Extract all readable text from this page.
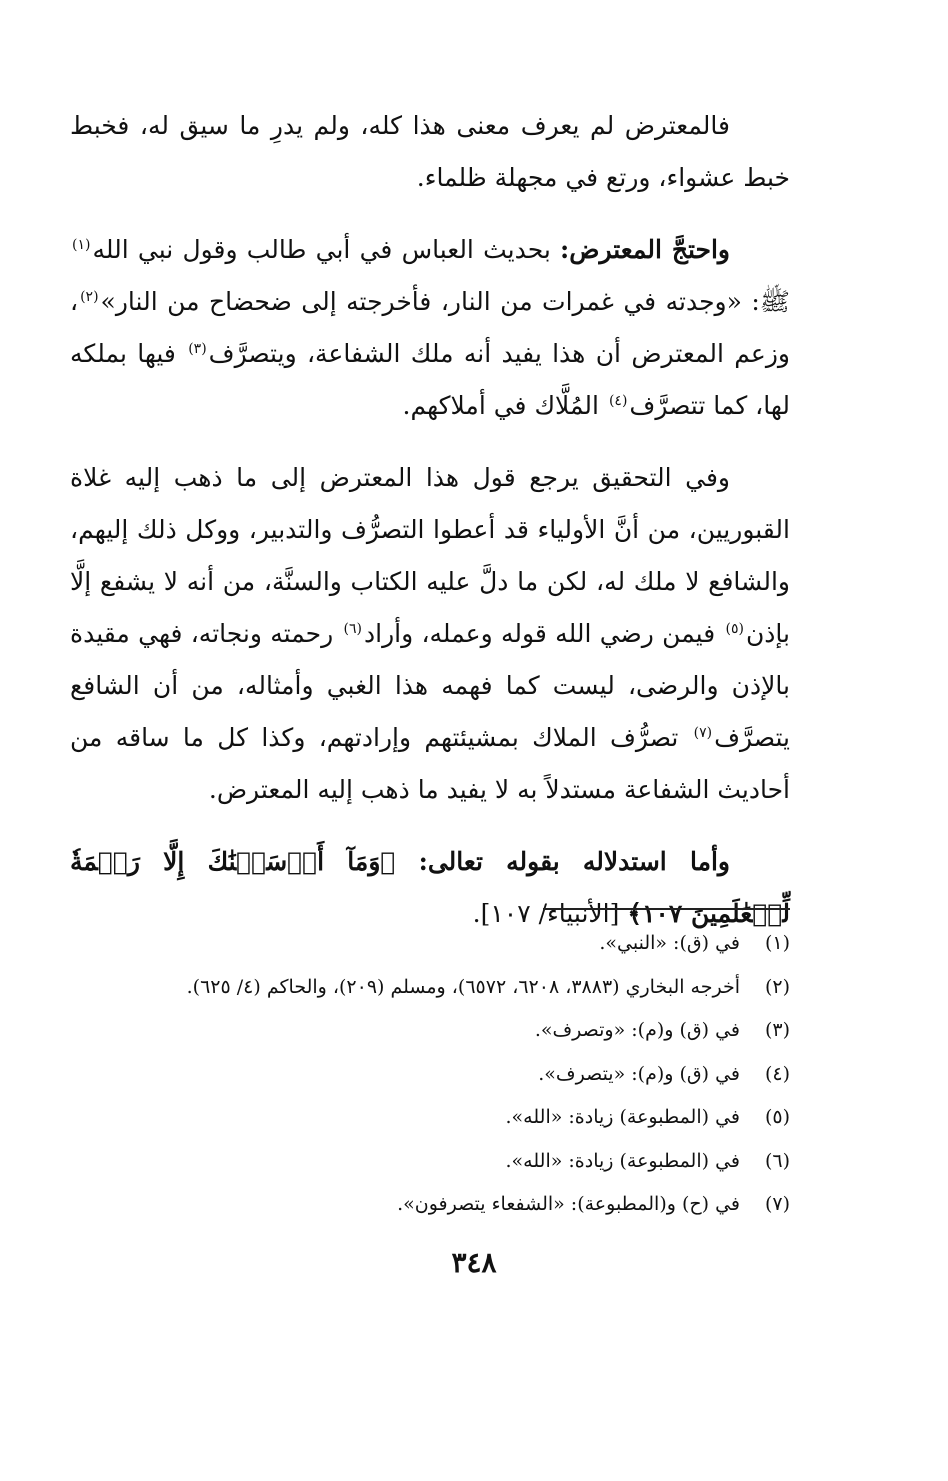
فالمعترض لم يعرف معنى هذا كله، ولم يدرِ ما سيق له، فخبط خبط عشواء، ورتع في مجهلة ظلماء.

واحتجَّ المعترض: بحديث العباس في أبي طالب وقول نبي الله$^{(١)}$ ﷺ: «وجدته في غمرات من النار، فأخرجته إلى ضحضاح من النار»$^{(٢)}$، وزعم المعترض أن هذا يفيد أنه ملك الشفاعة، ويتصرَّف$^{(٣)}$ فيها بملكه لها، كما تتصرَّف$^{(٤)}$ المُلَّاك في أملاكهم.

وفي التحقيق يرجع قول هذا المعترض إلى ما ذهب إليه غلاة القبوريين، من أنَّ الأولياء قد أعطوا التصرُّف والتدبير، ووكل ذلك إليهم، والشافع لا ملك له، لكن ما دلَّ عليه الكتاب والسنَّة، من أنه لا يشفع إلَّا بإذن$^{(٥)}$ فيمن رضي الله قوله وعمله، وأراد$^{(٦)}$ رحمته ونجاته، فهي مقيدة بالإذن والرضى، ليست كما فهمه هذا الغبي وأمثاله، من أن الشافع يتصرَّف$^{(٧)}$ تصرُّف الملاك بمشيئتهم وإرادتهم، وكذا كل ما ساقه من أحاديث الشفاعة مستدلاً به لا يفيد ما ذهب إليه المعترض.

وأما استدلاله بقوله تعالى: ﴿وَمَآ أَرۡسَلۡنَٰكَ إِلَّا رَحۡمَةٗ لِّلۡعَٰلَمِينَ ١٠٧﴾ [الأنبياء/ ١٠٧].

(١)
في (ق): «النبي».
(٢)
أخرجه البخاري (٣٨٨٣، ٦٢٠٨، ٦٥٧٢)، ومسلم (٢٠٩)، والحاكم (٤/ ٦٢٥).
(٣)
في (ق) و(م): «وتصرف».
(٤)
في (ق) و(م): «يتصرف».
(٥)
في (المطبوعة) زيادة: «الله».
(٦)
في (المطبوعة) زيادة: «الله».
(٧)
في (ح) و(المطبوعة): «الشفعاء يتصرفون».
٣٤٨
